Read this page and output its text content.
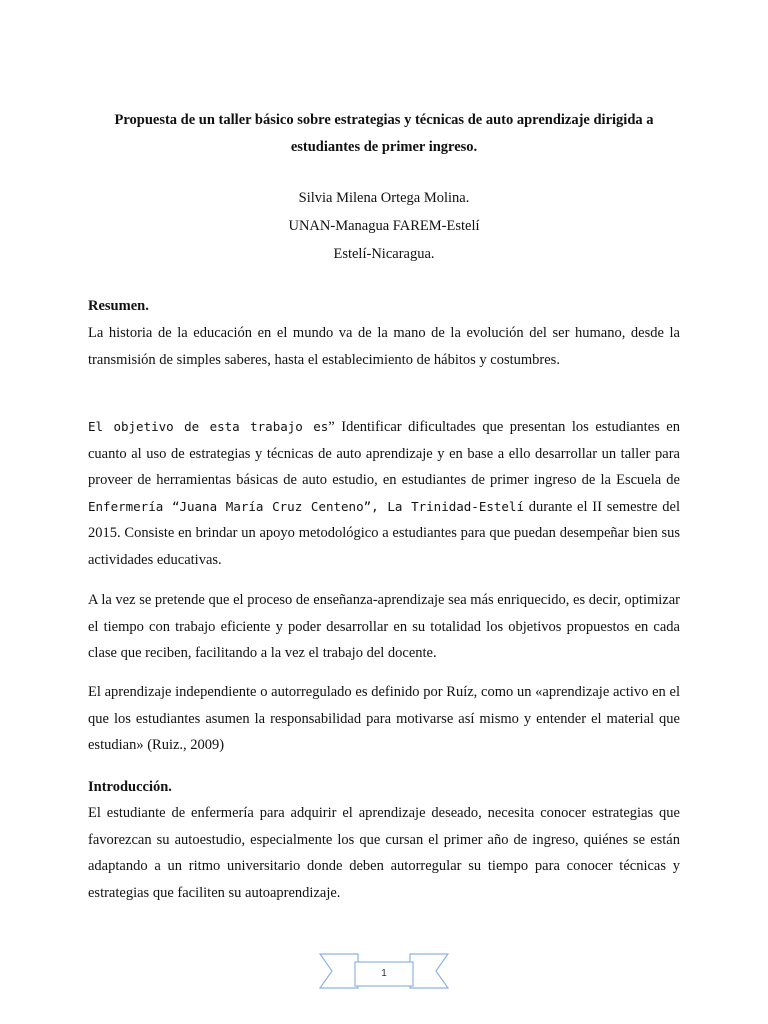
Propuesta de un taller básico sobre estrategias y técnicas de auto aprendizaje dirigida a estudiantes de primer ingreso.

Silvia Milena Ortega Molina.

UNAN-Managua FAREM-Estelí

Estelí-Nicaragua.

Resumen.

La historia de la educación en el mundo va de la mano de la evolución del ser humano, desde la transmisión de simples saberes, hasta el establecimiento de hábitos y costumbres.

El objetivo de esta trabajo es” Identificar dificultades que presentan los estudiantes en cuanto al uso de estrategias y técnicas de auto aprendizaje y en base a ello desarrollar un taller para proveer de herramientas básicas de auto estudio, en estudiantes de primer ingreso de la Escuela de Enfermería “Juana María Cruz Centeno”, La Trinidad-Estelí durante el II semestre del 2015. Consiste en brindar un apoyo metodológico a estudiantes para que puedan desempeñar bien sus actividades educativas.

A la vez se pretende que el proceso de enseñanza-aprendizaje sea más enriquecido, es decir, optimizar el tiempo con trabajo eficiente y poder desarrollar en su totalidad los objetivos propuestos en cada clase que reciben, facilitando a la vez el trabajo del docente.

El aprendizaje independiente o autorregulado es definido por Ruíz, como un «aprendizaje activo en el que los estudiantes asumen la responsabilidad para motivarse así mismo y entender el material que estudian» (Ruiz., 2009)

Introducción.

El estudiante de enfermería para adquirir el aprendizaje deseado, necesita conocer estrategias que favorezcan su autoestudio, especialmente los que cursan el primer año de ingreso, quiénes se están adaptando a un ritmo universitario donde deben autorregular su tiempo para conocer técnicas y estrategias que faciliten su autoaprendizaje.

1
